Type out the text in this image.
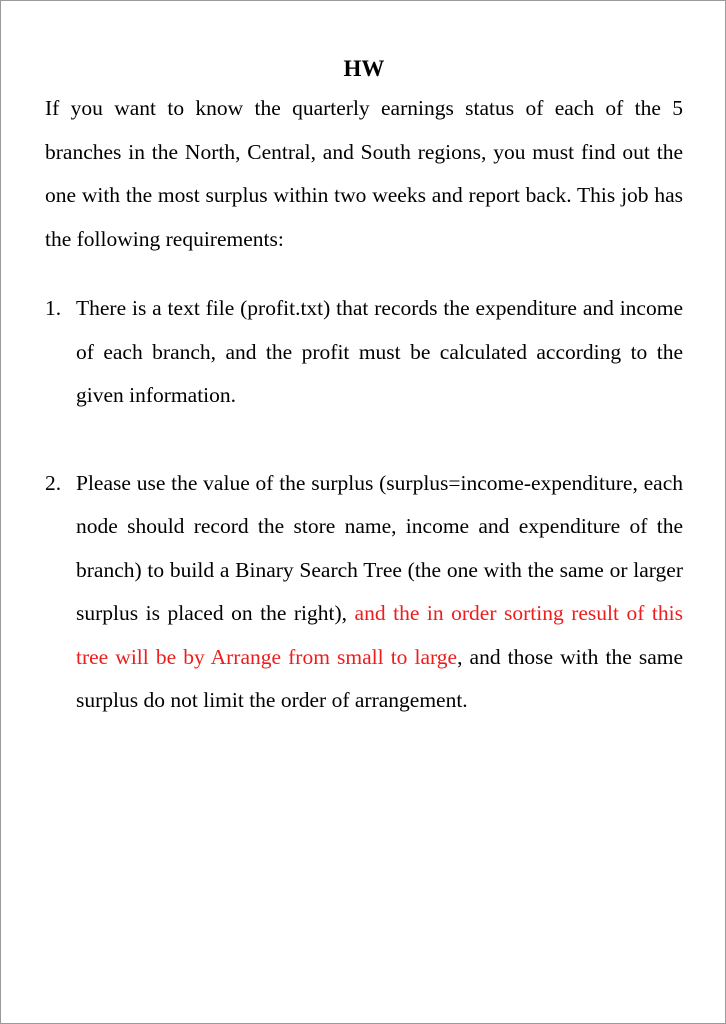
HW

If you want to know the quarterly earnings status of each of the 5 branches in the North, Central, and South regions, you must find out the one with the most surplus within two weeks and report back. This job has the following requirements:

1. There is a text file (profit.txt) that records the expenditure and income of each branch, and the profit must be calculated according to the given information.
2. Please use the value of the surplus (surplus=income-expenditure, each node should record the store name, income and expenditure of the branch) to build a Binary Search Tree (the one with the same or larger surplus is placed on the right), and the in order sorting result of this tree will be by Arrange from small to large, and those with the same surplus do not limit the order of arrangement.
